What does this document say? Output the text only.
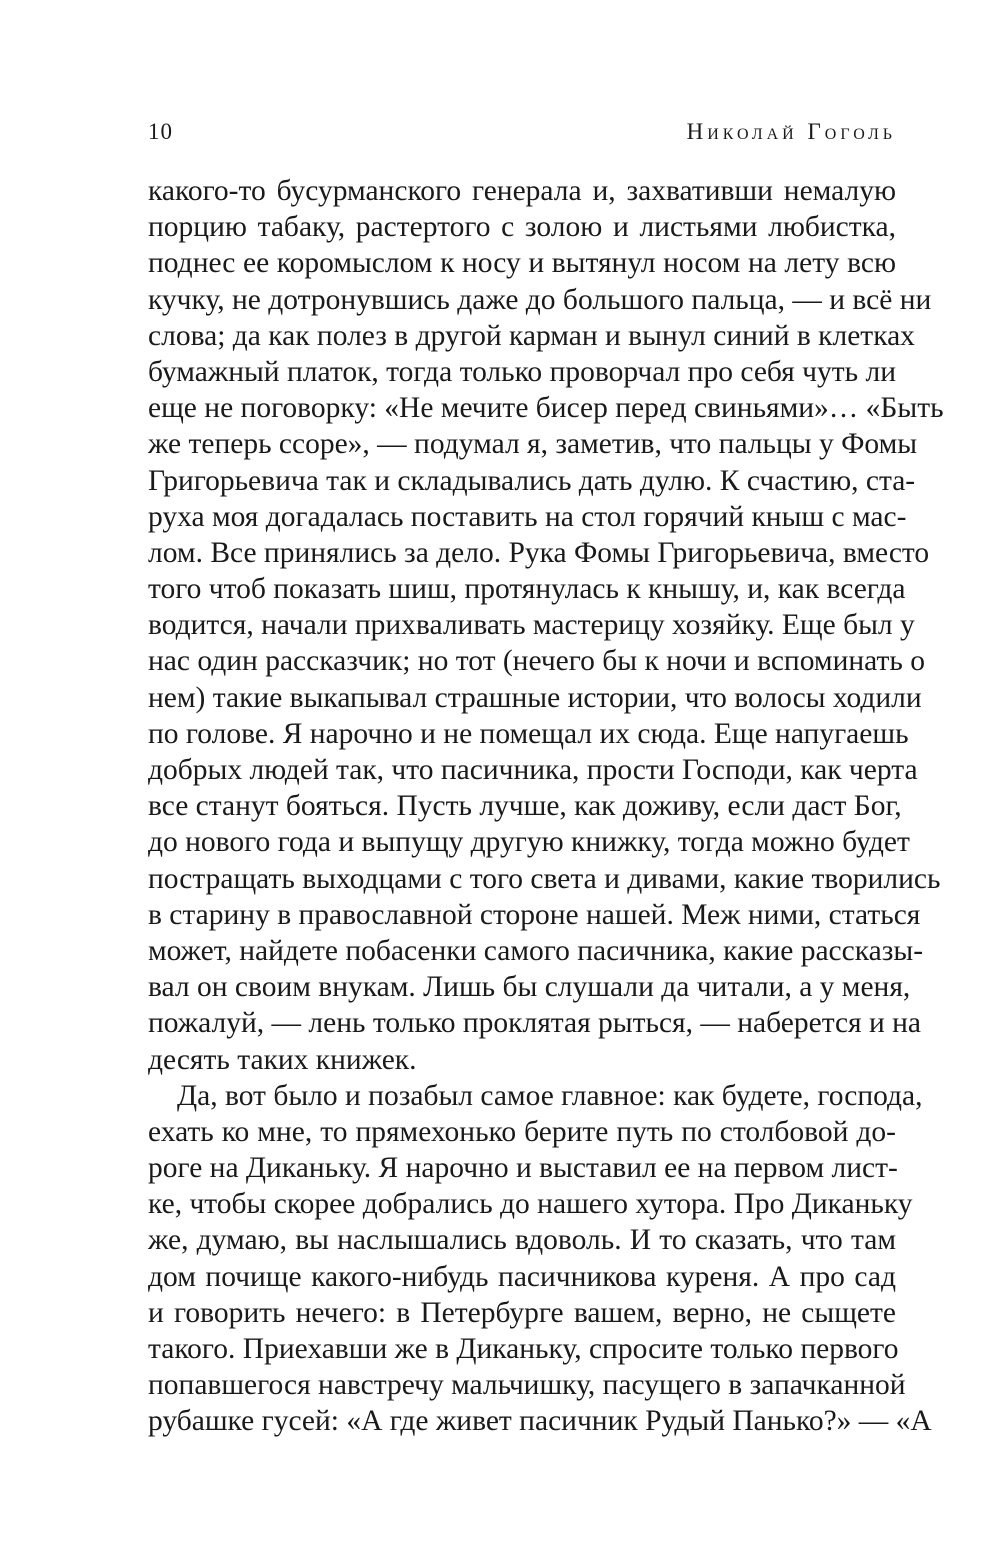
10	Николай Гоголь
какого-то бусурманского генерала и, захвативши немалую
порцию табаку, растертого с золою и листьями любистка,
поднес ее коромыслом к носу и вытянул носом на лету всю
кучку, не дотронувшись даже до большого пальца, — и всё ни
слова; да как полез в другой карман и вынул синий в клетках
бумажный платок, тогда только проворчал про себя чуть ли
еще не поговорку: «Не мечите бисер перед свиньями»… «Быть
же теперь ссоре», — подумал я, заметив, что пальцы у Фомы
Григорьевича так и складывались дать дулю. К счастию, ста-
руха моя догадалась поставить на стол горячий кныш с мас-
лом. Все принялись за дело. Рука Фомы Григорьевича, вместо
того чтоб показать шиш, протянулась к кнышу, и, как всегда
водится, начали прихваливать мастерицу хозяйку. Еще был у
нас один рассказчик; но тот (нечего бы к ночи и вспоминать о
нем) такие выкапывал страшные истории, что волосы ходили
по голове. Я нарочно и не помещал их сюда. Еще напугаешь
добрых людей так, что пасичника, прости Господи, как черта
все станут бояться. Пусть лучше, как доживу, если даст Бог,
до нового года и выпущу другую книжку, тогда можно будет
постращать выходцами с того света и дивами, какие творились
в старину в православной стороне нашей. Меж ними, статься
может, найдете побасенки самого пасичника, какие рассказы-
вал он своим внукам. Лишь бы слушали да читали, а у меня,
пожалуй, — лень только проклятая рыться, — наберется и на
десять таких книжек.
Да, вот было и позабыл самое главное: как будете, господа,
ехать ко мне, то прямехонько берите путь по столбовой до-
роге на Диканьку. Я нарочно и выставил ее на первом лист-
ке, чтобы скорее добрались до нашего хутора. Про Диканьку
же, думаю, вы наслышались вдоволь. И то сказать, что там
дом почище какого-нибудь пасичникова куреня. А про сад
и говорить нечего: в Петербурге вашем, верно, не сыщете
такого. Приехавши же в Диканьку, спросите только первого
попавшегося навстречу мальчишку, пасущего в запачканной
рубашке гусей: «А где живет пасичник Рудый Панько?» — «А
